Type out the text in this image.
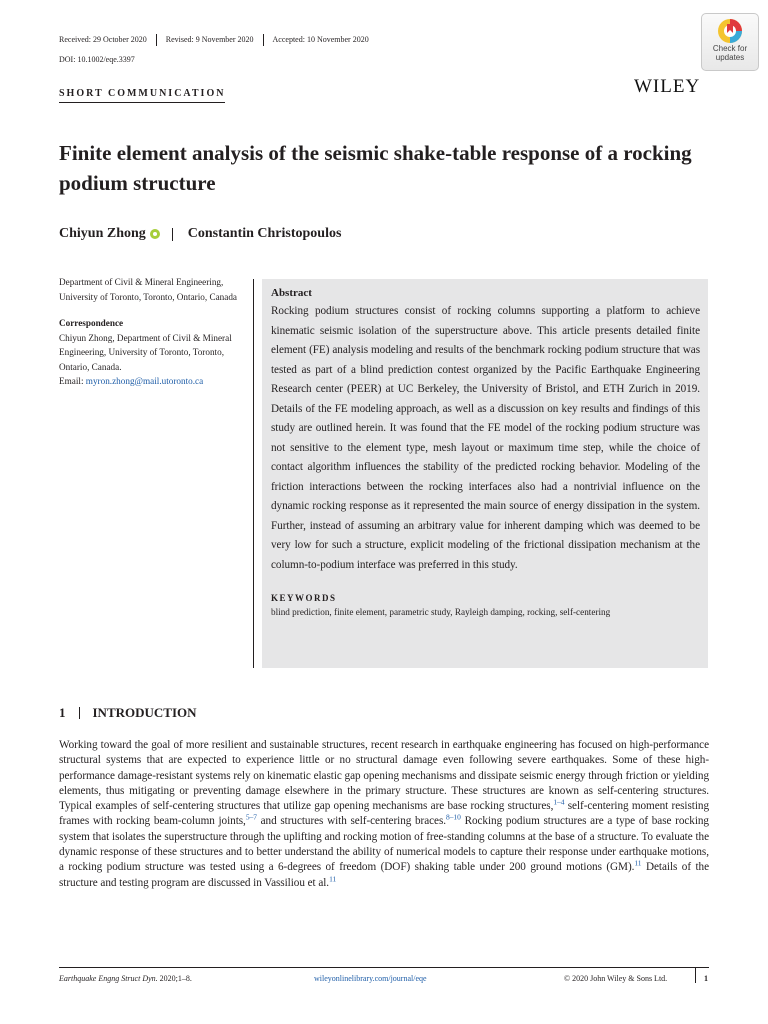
Received: 29 October 2020	Revised: 9 November 2020	Accepted: 10 November 2020
DOI: 10.1002/eqe.3397
Check for
updates
WILEY
SHORT COMMUNICATION
Finite element analysis of the seismic shake-table response of a rocking podium structure
Chiyun Zhong	Constantin Christopoulos
Department of Civil & Mineral Engineering, University of Toronto, Toronto, Ontario, Canada
Correspondence
Chiyun Zhong, Department of Civil & Mineral Engineering, University of Toronto, Toronto, Ontario, Canada.
Email: myron.zhong@mail.utoronto.ca
Abstract

Rocking podium structures consist of rocking columns supporting a platform to achieve kinematic seismic isolation of the superstructure above. This article presents detailed finite element (FE) analysis modeling and results of the benchmark rocking podium structure that was tested as part of a blind prediction contest organized by the Pacific Earthquake Engineering Research center (PEER) at UC Berkeley, the University of Bristol, and ETH Zurich in 2019. Details of the FE modeling approach, as well as a discussion on key results and findings of this study are outlined herein. It was found that the FE model of the rocking podium structure was not sensitive to the element type, mesh layout or maximum time step, while the choice of contact algorithm influences the stability of the predicted rocking behavior. Modeling of the friction interactions between the rocking interfaces also had a nontrivial influence on the dynamic rocking response as it represented the main source of energy dissipation in the system. Further, instead of assuming an arbitrary value for inherent damping which was deemed to be very low for such a structure, explicit modeling of the frictional dissipation mechanism at the column-to-podium interface was preferred in this study.

KEYWORDS
blind prediction, finite element, parametric study, Rayleigh damping, rocking, self-centering
1 INTRODUCTION

Working toward the goal of more resilient and sustainable structures, recent research in earthquake engineering has focused on high-performance structural systems that are expected to experience little or no structural damage even following severe earthquakes. Some of these high-performance damage-resistant systems rely on kinematic elastic gap opening mechanisms and dissipate seismic energy through friction or yielding elements, thus mitigating or preventing damage elsewhere in the primary structure. These structures are known as self-centering structures. Typical examples of self-centering structures that utilize gap opening mechanisms are base rocking structures,$^{1-4}$ self-centering moment resisting frames with rocking beam-column joints,$^{5-7}$ and structures with self-centering braces.$^{8-10}$ Rocking podium structures are a type of base rocking system that isolates the superstructure through the uplifting and rocking motion of free-standing columns at the base of a structure. To evaluate the dynamic response of these structures and to better understand the ability of numerical models to capture their response under earthquake motions, a rocking podium structure was tested using a 6-degrees of freedom (DOF) shaking table under 200 ground motions (GM).$^{11}$ Details of the structure and testing program are discussed in Vassiliou et al.$^{11}$

Earthquake Engng Struct Dyn. 2020;1–8.	wileyonlinelibrary.com/journal/eqe	© 2020 John Wiley & Sons Ltd.	1
